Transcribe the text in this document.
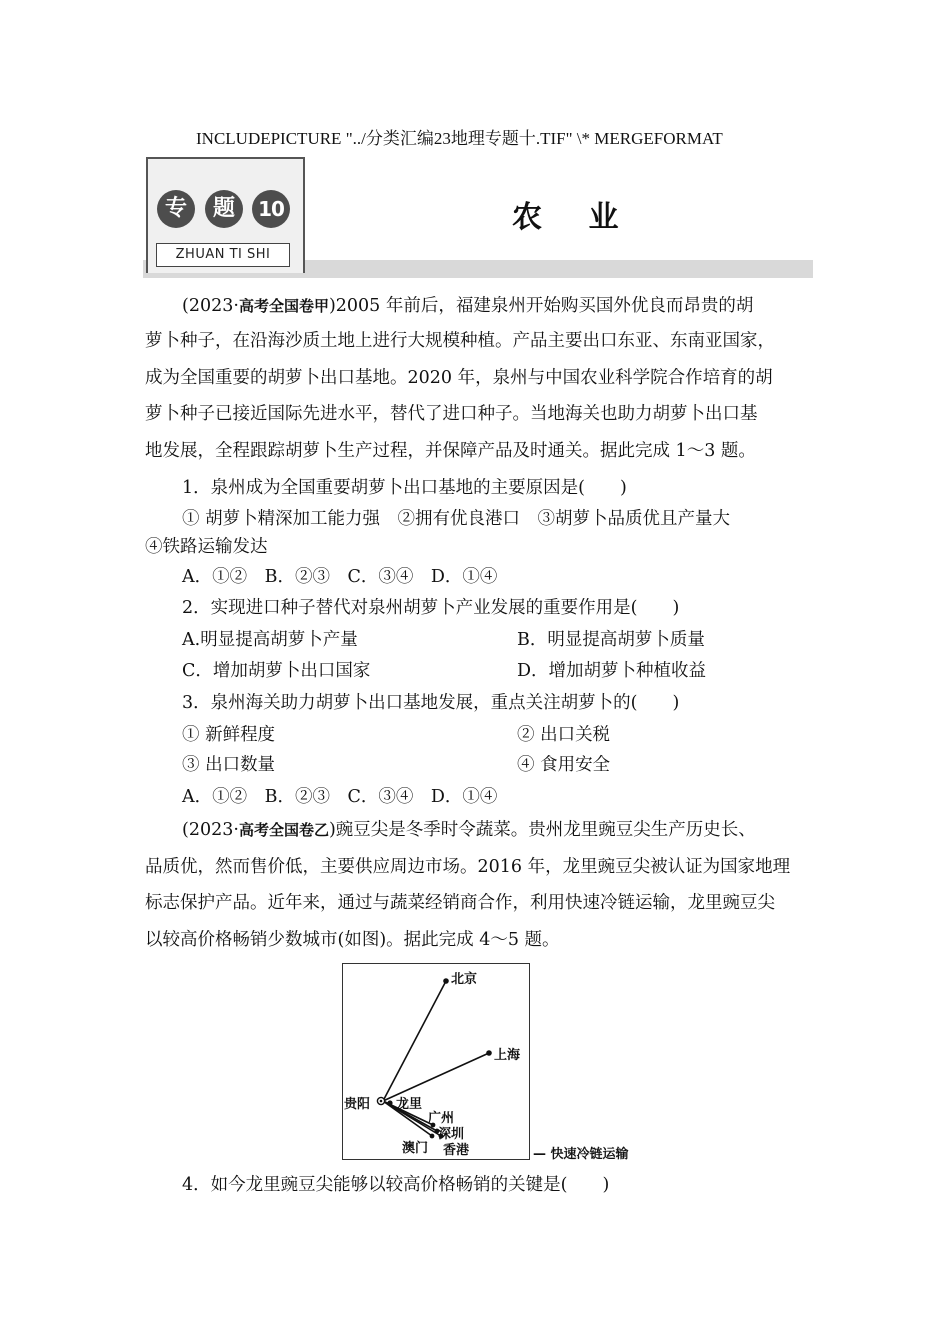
INCLUDEPICTURE "../分类汇编23地理专题十.TIF" \* MERGEFORMAT
专	题	10
ZHUAN TI SHI
农 业
(2023·高考全国卷甲)2005 年前后，福建泉州开始购买国外优良而昂贵的胡
萝卜种子，在沿海沙质土地上进行大规模种植。产品主要出口东亚、东南亚国家，
成为全国重要的胡萝卜出口基地。2020 年，泉州与中国农业科学院合作培育的胡
萝卜种子已接近国际先进水平，替代了进口种子。当地海关也助力胡萝卜出口基
地发展，全程跟踪胡萝卜生产过程，并保障产品及时通关。据此完成 1～3 题。
1．泉州成为全国重要胡萝卜出口基地的主要原因是(　　)
① 胡萝卜精深加工能力强　②拥有优良港口　③胡萝卜品质优且产量大
④铁路运输发达
A．①②　B．②③　C．③④　D．①④
2．实现进口种子替代对泉州胡萝卜产业发展的重要作用是(　　)
A.明显提高胡萝卜产量	B．明显提高胡萝卜质量
C．增加胡萝卜出口国家	D．增加胡萝卜种植收益
3．泉州海关助力胡萝卜出口基地发展，重点关注胡萝卜的(　　)
① 新鲜程度	② 出口关税
③ 出口数量	④ 食用安全
A．①②　B．②③　C．③④　D．①④
(2023·高考全国卷乙)豌豆尖是冬季时令蔬菜。贵州龙里豌豆尖生产历史长、
品质优，然而售价低，主要供应周边市场。2016 年，龙里豌豆尖被认证为国家地理
标志保护产品。近年来，通过与蔬菜经销商合作，利用快速冷链运输，龙里豌豆尖
以较高价格畅销少数城市(如图)。据此完成 4～5 题。
北京
上海
贵阳 龙里
广州
深圳
澳门 香港	— 快速冷链运输
4．如今龙里豌豆尖能够以较高价格畅销的关键是(　　)
